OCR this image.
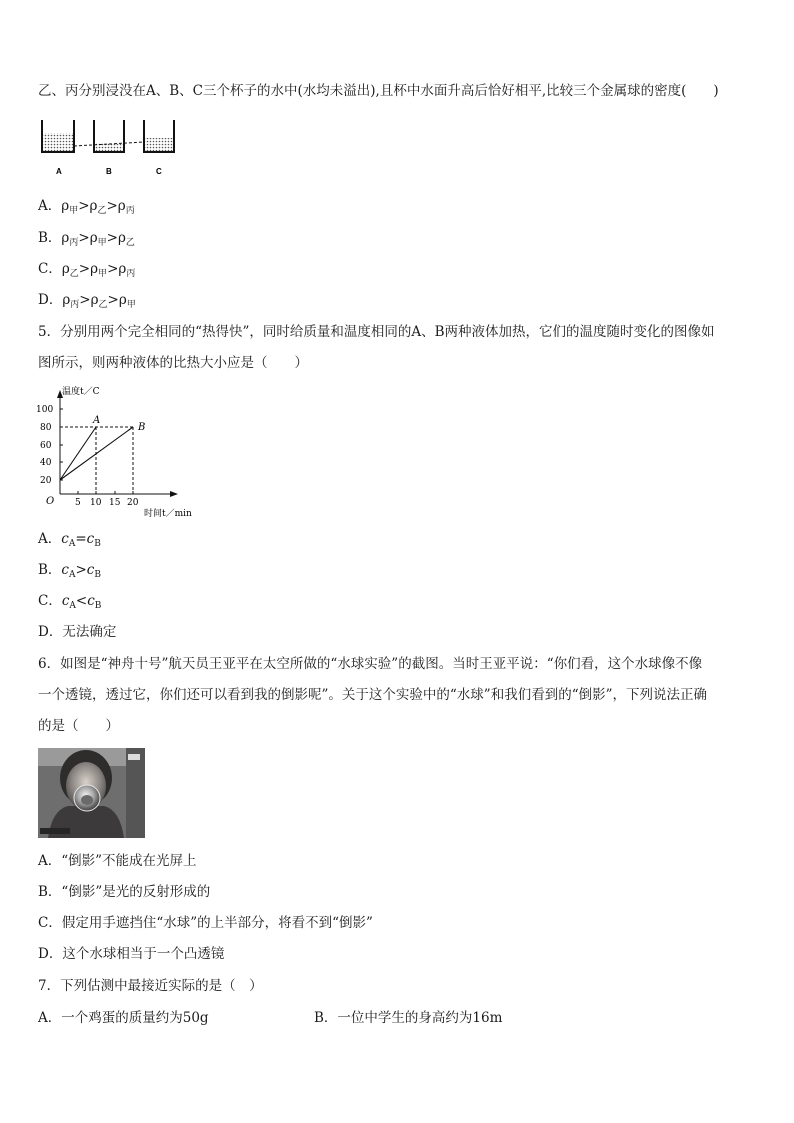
乙、丙分别浸没在A、B、C三个杯子的水中(水均未溢出),且杯中水面升高后恰好相平,比较三个金属球的密度(　　)
A	B	C
A．$\rho_甲>\rho_乙>\rho_丙$
B．$\rho_丙>\rho_甲>\rho_乙$
C．$\rho_乙>\rho_甲>\rho_丙$
D．$\rho_丙>\rho_乙>\rho_甲$
5．分别用两个完全相同的“热得快”，同时给质量和温度相同的A、B两种液体加热，它们的温度随时变化的图像如
图所示，则两种液体的比热大小应是（　　）
温度t／C
时间t／min
O
20
40
60
80
100
5 10 15 20
A
B
A．$c_A=c_B$
B．$c_A>c_B$
C．$c_A<c_B$
D．无法确定
6．如图是“神舟十号”航天员王亚平在太空所做的“水球实验”的截图。当时王亚平说：“你们看，这个水球像不像
一个透镜，透过它，你们还可以看到我的倒影呢”。关于这个实验中的“水球”和我们看到的“倒影”，下列说法正确
的是（　　）
A．“倒影”不能成在光屏上
B．“倒影”是光的反射形成的
C．假定用手遮挡住“水球”的上半部分，将看不到“倒影”
D．这个水球相当于一个凸透镜
7．下列估测中最接近实际的是（　）
A．一个鸡蛋的质量约为50g	B．一位中学生的身高约为16m
